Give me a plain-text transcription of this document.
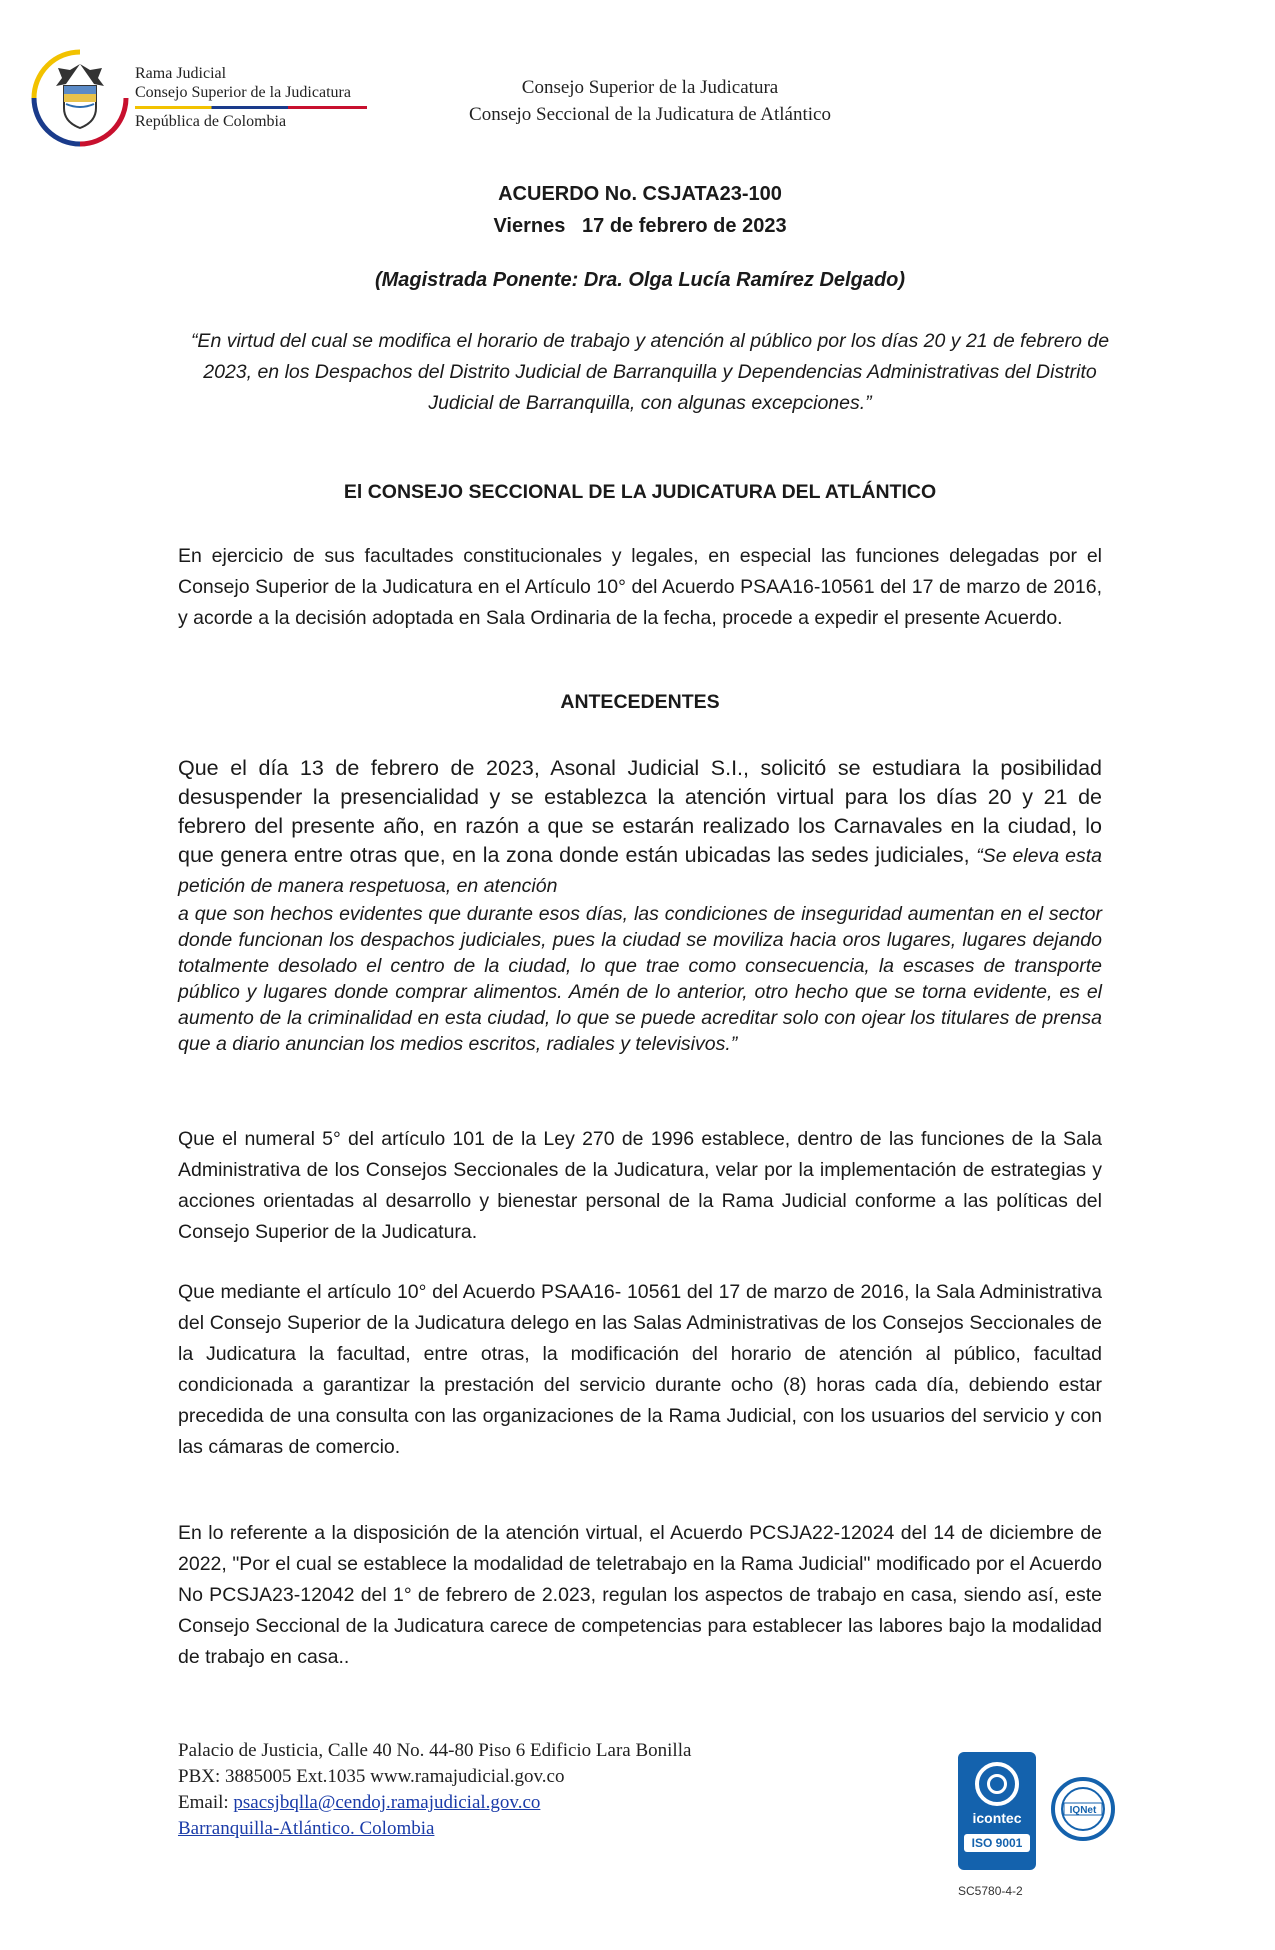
Rama Judicial
Consejo Superior de la Judicatura
República de Colombia
Consejo Superior de la Judicatura
Consejo Seccional de la Judicatura de Atlántico
ACUERDO No. CSJATA23-100
Viernes   17 de febrero de 2023
(Magistrada Ponente: Dra. Olga Lucía Ramírez Delgado)
“En virtud del cual se modifica el horario de trabajo y atención al público por los días 20 y 21 de febrero de 2023, en los Despachos del Distrito Judicial de Barranquilla y Dependencias Administrativas del Distrito Judicial de Barranquilla, con algunas excepciones.”
El CONSEJO SECCIONAL DE LA JUDICATURA DEL ATLÁNTICO
En ejercicio de sus facultades constitucionales y legales, en especial las funciones delegadas por el Consejo Superior de la Judicatura en el Artículo 10° del Acuerdo PSAA16-10561 del 17 de marzo de 2016, y acorde a la decisión adoptada en Sala Ordinaria de la fecha, procede a expedir el presente Acuerdo.
ANTECEDENTES
Que el día 13 de febrero de 2023, Asonal Judicial S.I., solicitó se estudiara la posibilidad desuspender la presencialidad y se establezca la atención virtual para los días 20 y 21 de febrero del presente año, en razón a que se estarán realizado los Carnavales en la ciudad, lo que genera entre otras que, en la zona donde están ubicadas las sedes judiciales, “Se eleva esta petición de manera respetuosa, en atención
a que son hechos evidentes que durante esos días, las condiciones de inseguridad aumentan en el sector donde funcionan los despachos judiciales, pues la ciudad se moviliza hacia oros lugares, lugares dejando totalmente desolado el centro de la ciudad, lo que trae como consecuencia, la escases de transporte público y lugares donde comprar alimentos. Amén de lo anterior, otro hecho que se torna evidente, es el aumento de la criminalidad en esta ciudad, lo que se puede acreditar solo con ojear los titulares de prensa que a diario anuncian los medios escritos, radiales y televisivos.”
Que el numeral 5° del artículo 101 de la Ley 270 de 1996 establece, dentro de las funciones de la Sala Administrativa de los Consejos Seccionales de la Judicatura, velar por la implementación de estrategias y acciones orientadas al desarrollo y bienestar personal de la Rama Judicial conforme a las políticas del Consejo Superior de la Judicatura.
Que mediante el artículo 10° del Acuerdo PSAA16- 10561 del 17 de marzo de 2016, la Sala Administrativa del Consejo Superior de la Judicatura delego en las Salas Administrativas de los Consejos Seccionales de la Judicatura la facultad, entre otras, la modificación del horario de atención al público, facultad condicionada a garantizar la prestación del servicio durante ocho (8) horas cada día, debiendo estar precedida de una consulta con las organizaciones de la Rama Judicial, con los usuarios del servicio y con las cámaras de comercio.
En lo referente a la disposición de la atención virtual, el Acuerdo PCSJA22-12024 del 14 de diciembre de 2022, "Por el cual se establece la modalidad de teletrabajo en la Rama Judicial" modificado por el Acuerdo No PCSJA23-12042 del 1° de febrero de 2.023, regulan los aspectos de trabajo en casa, siendo así, este Consejo Seccional de la Judicatura carece de competencias para establecer las labores bajo la modalidad de trabajo en casa..
Palacio de Justicia, Calle 40 No. 44-80 Piso 6 Edificio Lara Bonilla
PBX: 3885005 Ext.1035 www.ramajudicial.gov.co
Email: psacsjbqlla@cendoj.ramajudicial.gov.co
Barranquilla-Atlántico. Colombia	icontec
ISO 9001
IQNet
SC5780-4-2
